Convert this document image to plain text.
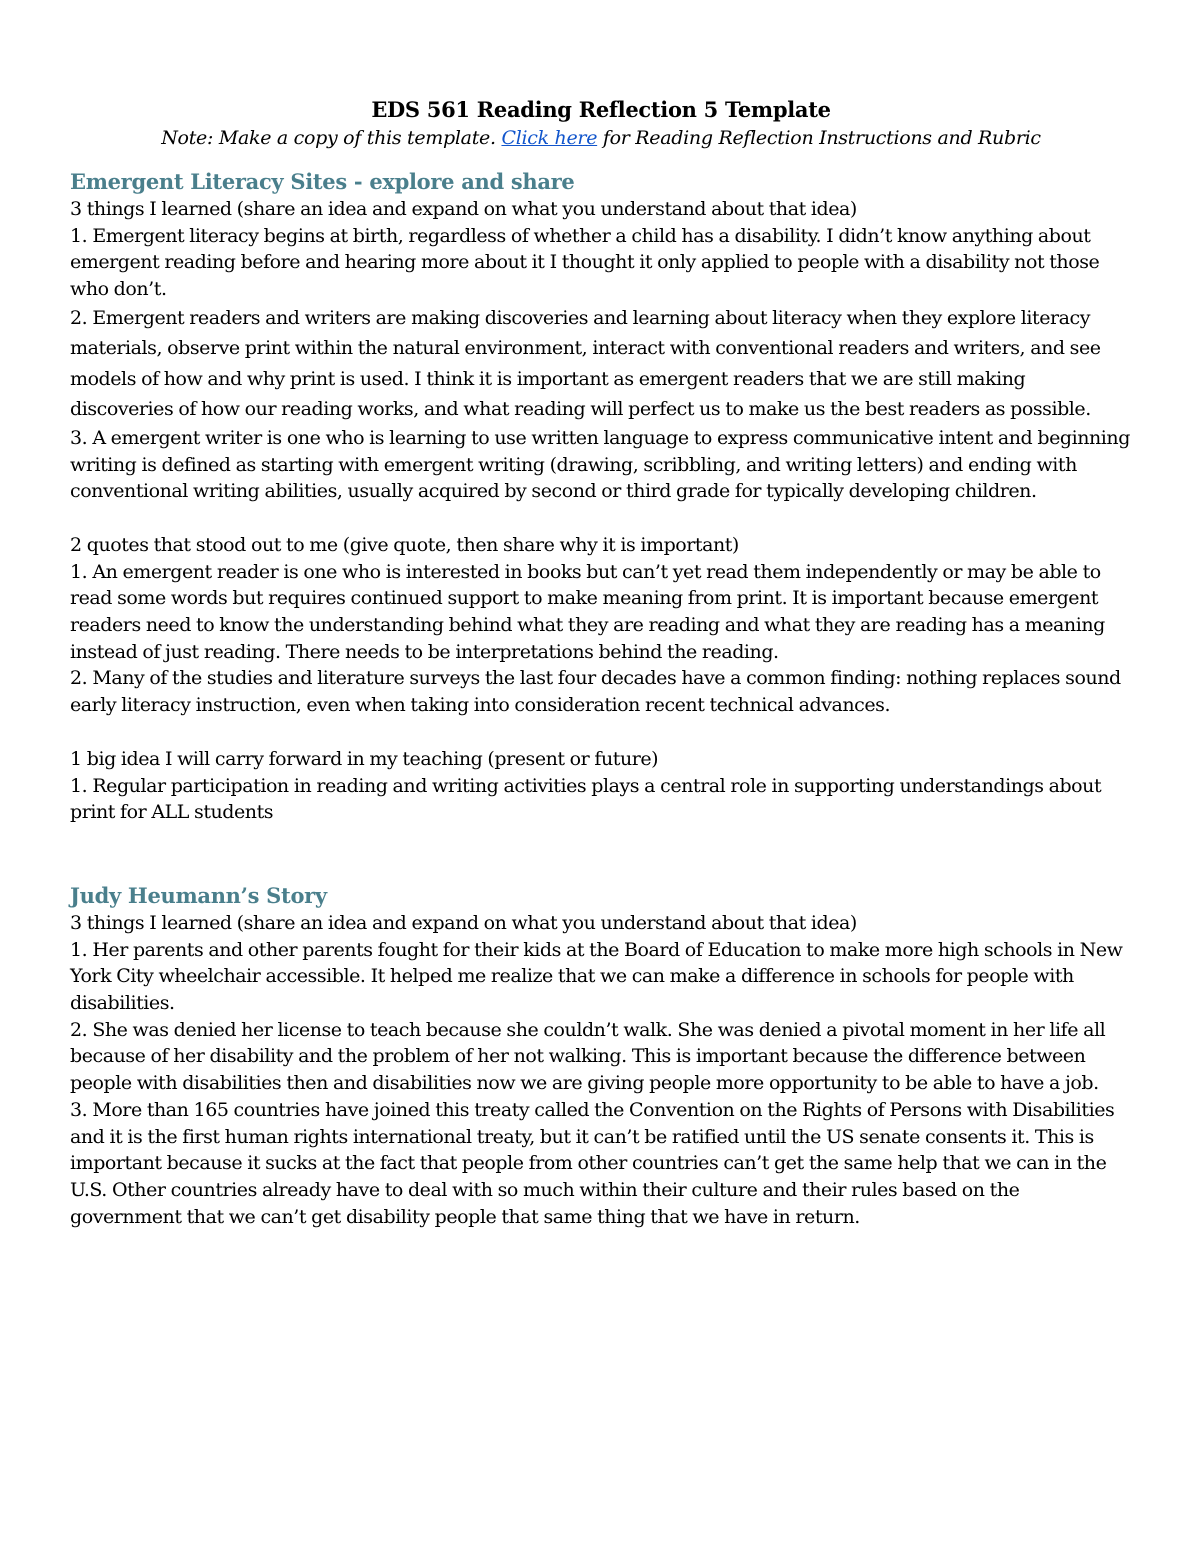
EDS 561 Reading Reflection 5 Template

Note: Make a copy of this template. Click here for Reading Reflection Instructions and Rubric

Emergent Literacy Sites - explore and share

3 things I learned (share an idea and expand on what you understand about that idea)

1. Emergent literacy begins at birth, regardless of whether a child has a disability. I didn’t know anything about emergent reading before and hearing more about it I thought it only applied to people with a disability not those who don’t.

2. Emergent readers and writers are making discoveries and learning about literacy when they explore literacy materials, observe print within the natural environment, interact with conventional readers and writers, and see models of how and why print is used. I think it is important as emergent readers that we are still making discoveries of how our reading works, and what reading will perfect us to make us the best readers as possible.

3. A emergent writer is one who is learning to use written language to express communicative intent and beginning writing is defined as starting with emergent writing (drawing, scribbling, and writing letters) and ending with conventional writing abilities, usually acquired by second or third grade for typically developing children.

2 quotes that stood out to me (give quote, then share why it is important)

1. An emergent reader is one who is interested in books but can’t yet read them independently or may be able to read some words but requires continued support to make meaning from print. It is important because emergent readers need to know the understanding behind what they are reading and what they are reading has a meaning instead of just reading. There needs to be interpretations behind the reading.

2. Many of the studies and literature surveys the last four decades have a common finding: nothing replaces sound early literacy instruction, even when taking into consideration recent technical advances.

1 big idea I will carry forward in my teaching (present or future)

1. Regular participation in reading and writing activities plays a central role in supporting understandings about print for ALL students

Judy Heumann’s Story

3 things I learned (share an idea and expand on what you understand about that idea)

1. Her parents and other parents fought for their kids at the Board of Education to make more high schools in New York City wheelchair accessible. It helped me realize that we can make a difference in schools for people with disabilities.

2. She was denied her license to teach because she couldn’t walk. She was denied a pivotal moment in her life all because of her disability and the problem of her not walking. This is important because the difference between people with disabilities then and disabilities now we are giving people more opportunity to be able to have a job.

3. More than 165 countries have joined this treaty called the Convention on the Rights of Persons with Disabilities and it is the first human rights international treaty, but it can’t be ratified until the US senate consents it. This is important because it sucks at the fact that people from other countries can’t get the same help that we can in the U.S. Other countries already have to deal with so much within their culture and their rules based on the government that we can’t get disability people that same thing that we have in return.
